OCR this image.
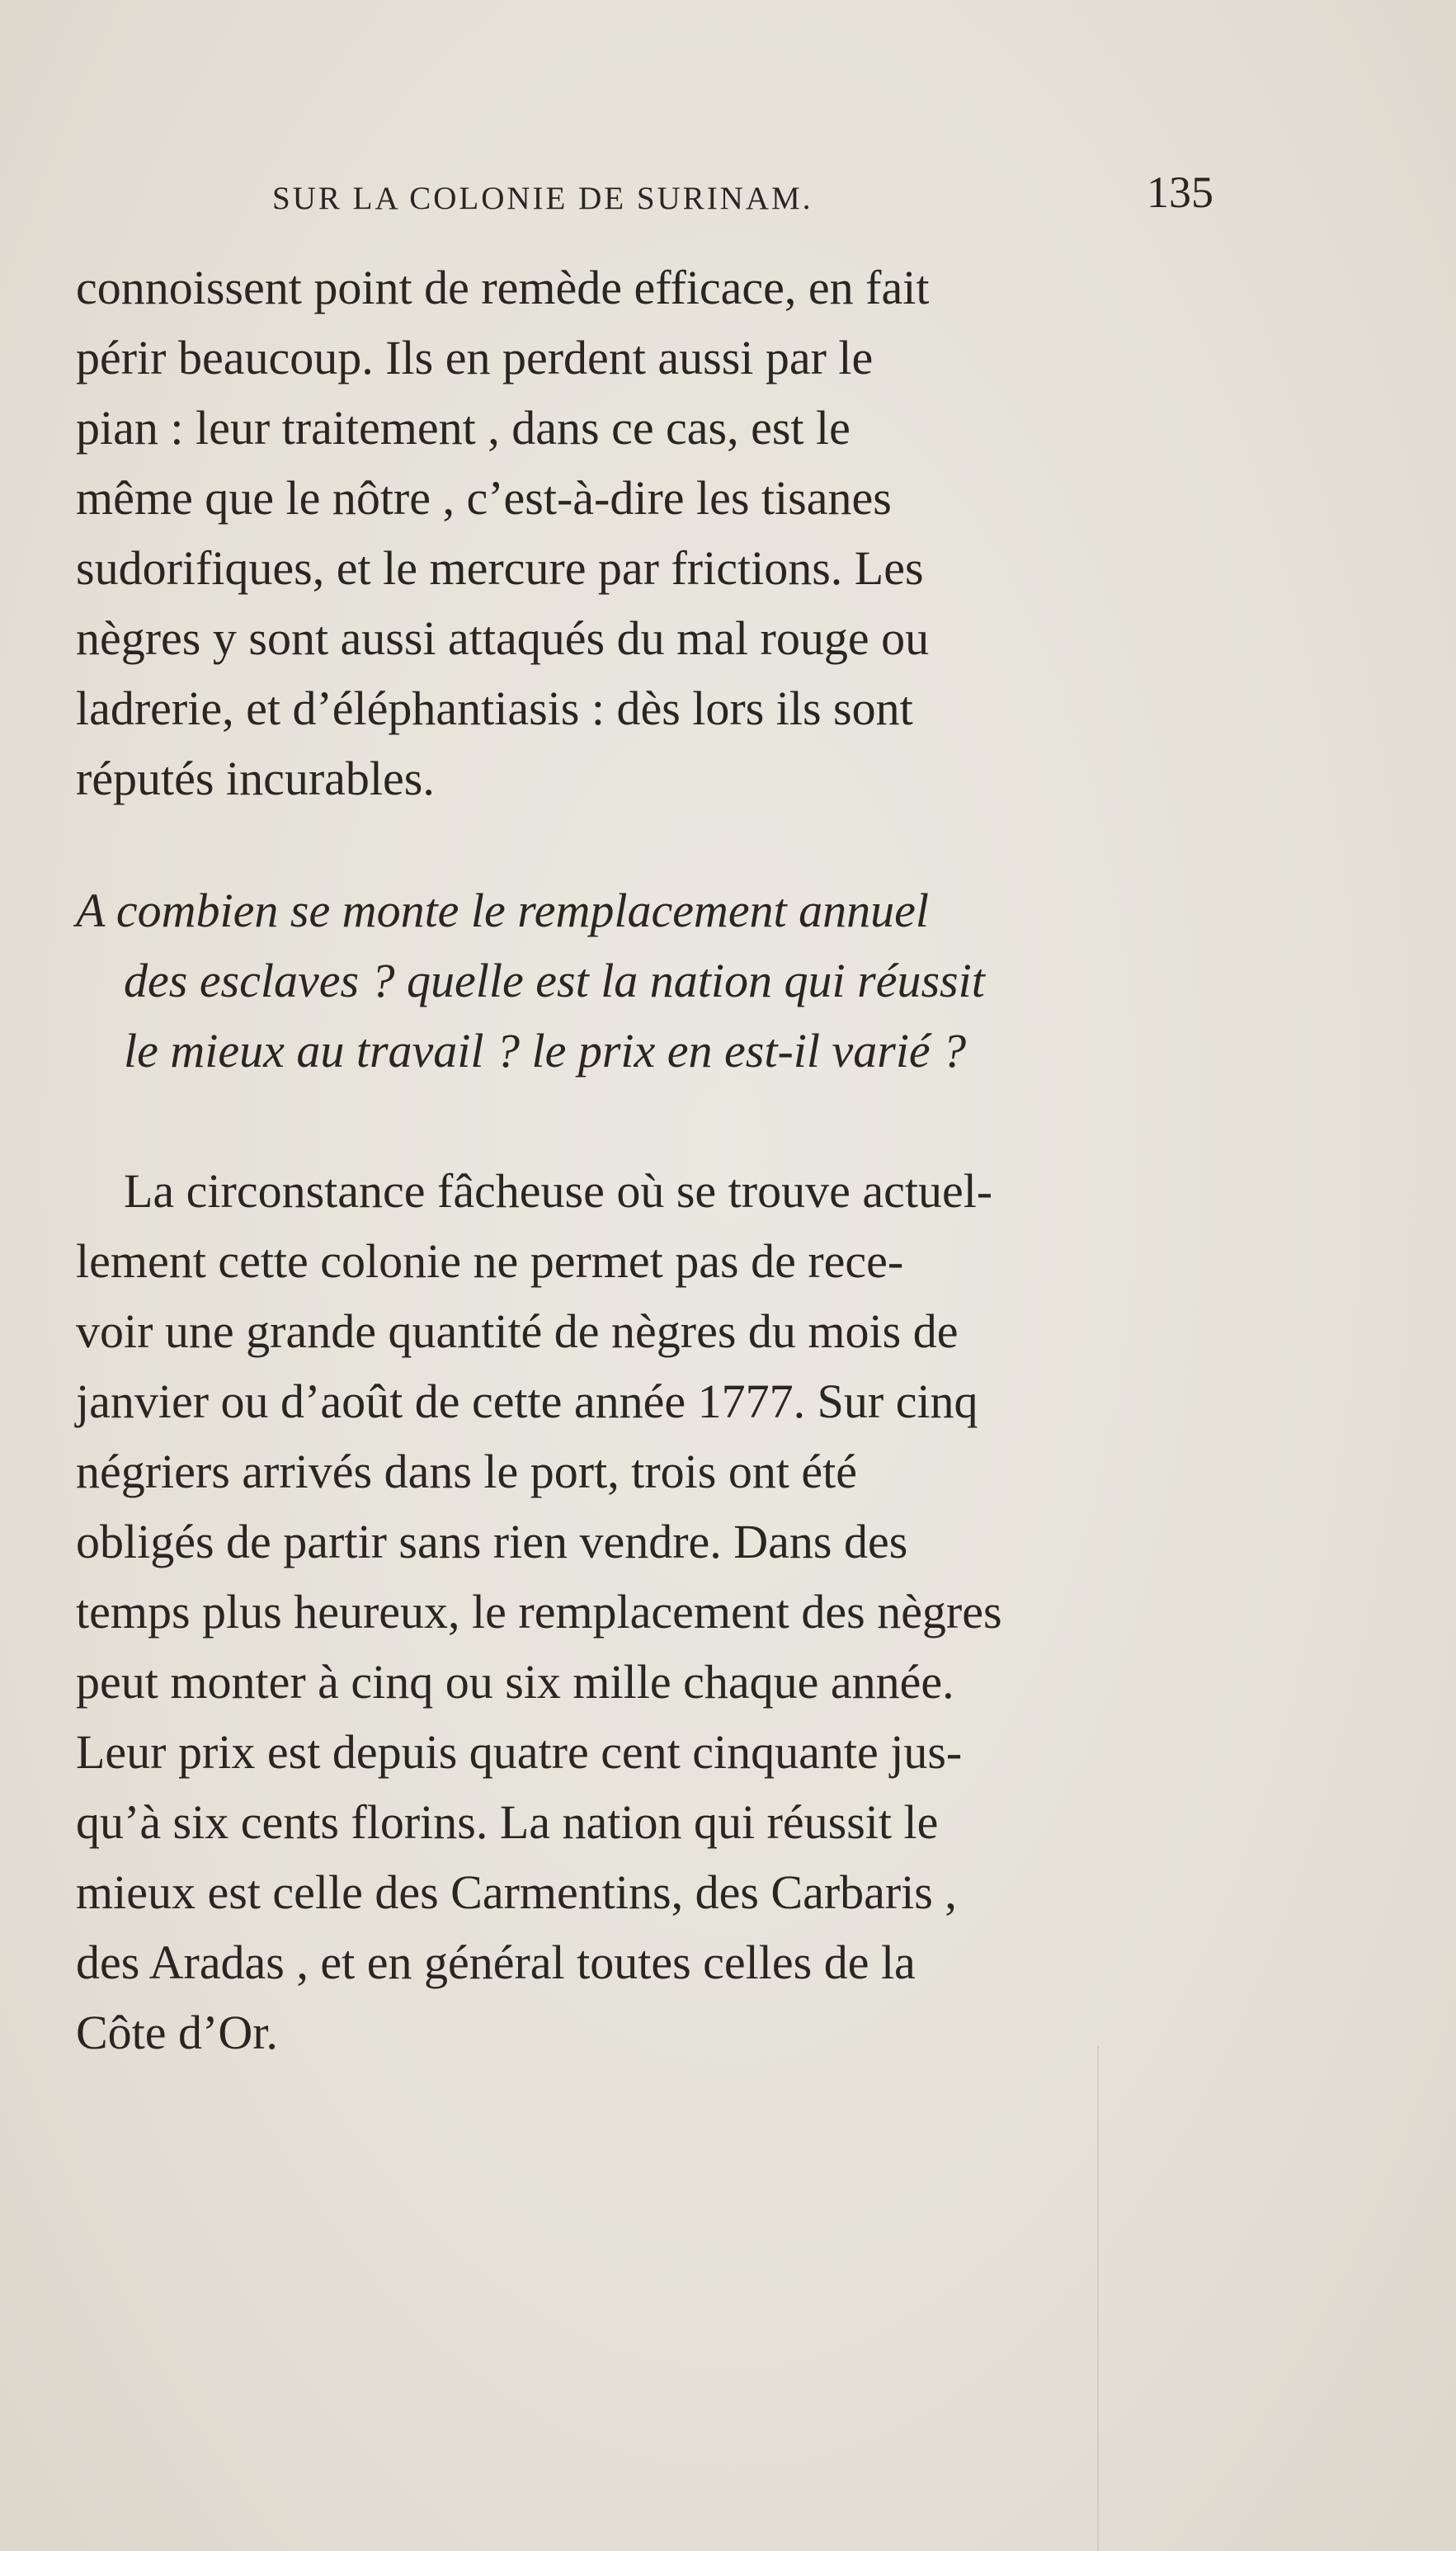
SUR LA COLONIE DE SURINAM.	135
connoissent point de remède efficace, en fait
périr beaucoup. Ils en perdent aussi par le
pian : leur traitement , dans ce cas, est le
même que le nôtre , c’est-à-dire les tisanes
sudorifiques, et le mercure par frictions. Les
nègres y sont aussi attaqués du mal rouge ou
ladrerie, et d’éléphantiasis : dès lors ils sont
réputés incurables.
A combien se monte le remplacement annuel
des esclaves ? quelle est la nation qui réussit
le mieux au travail ? le prix en est-il varié ?
La circonstance fâcheuse où se trouve actuel-
lement cette colonie ne permet pas de rece-
voir une grande quantité de nègres du mois de
janvier ou d’août de cette année 1777. Sur cinq
négriers arrivés dans le port, trois ont été
obligés de partir sans rien vendre. Dans des
temps plus heureux, le remplacement des nègres
peut monter à cinq ou six mille chaque année.
Leur prix est depuis quatre cent cinquante jus-
qu’à six cents florins. La nation qui réussit le
mieux est celle des Carmentins, des Carbaris ,
des Aradas , et en général toutes celles de la
Côte d’Or.
